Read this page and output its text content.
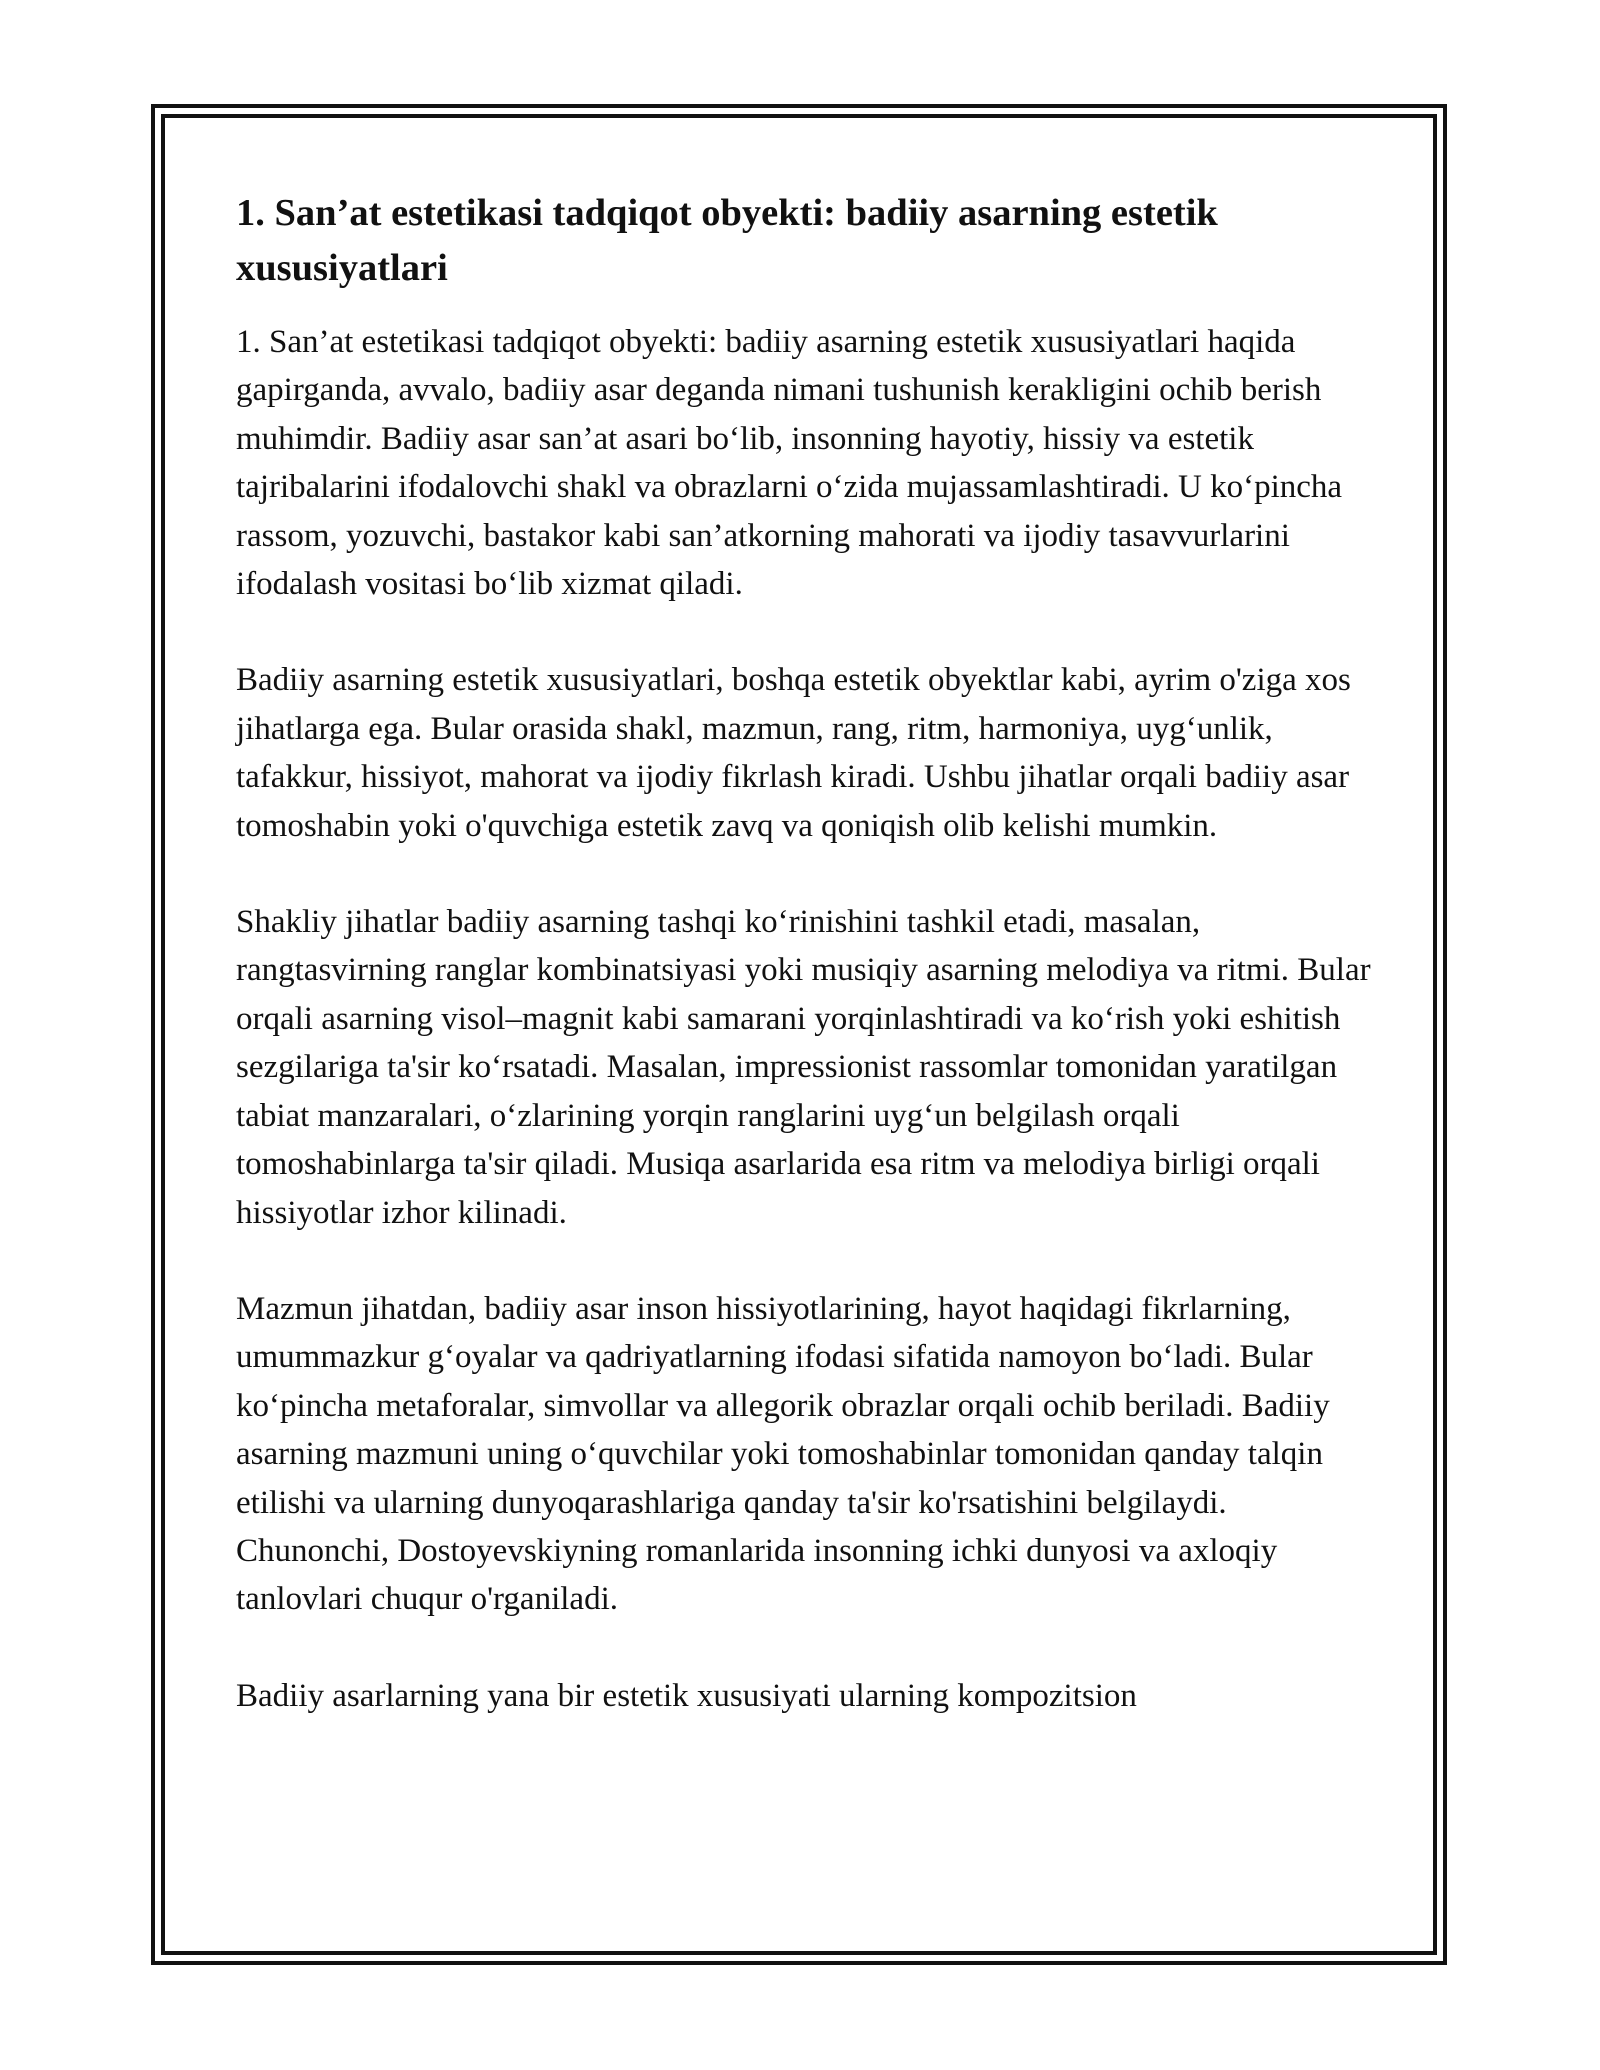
1. San’at estetikasi tadqiqot obyekti: badiiy asarning estetik xususiyatlari

1. San’at estetikasi tadqiqot obyekti: badiiy asarning estetik xususiyatlari haqida gapirganda, avvalo, badiiy asar deganda nimani tushunish kerakligini ochib berish muhimdir. Badiiy asar san’at asari bo‘lib, insonning hayotiy, hissiy va estetik tajribalarini ifodalovchi shakl va obrazlarni o‘zida mujassamlashtiradi. U ko‘pincha rassom, yozuvchi, bastakor kabi san’atkorning mahorati va ijodiy tasavvurlarini ifodalash vositasi bo‘lib xizmat qiladi.

Badiiy asarning estetik xususiyatlari, boshqa estetik obyektlar kabi, ayrim o'ziga xos jihatlarga ega. Bular orasida shakl, mazmun, rang, ritm, harmoniya, uyg‘unlik, tafakkur, hissiyot, mahorat va ijodiy fikrlash kiradi. Ushbu jihatlar orqali badiiy asar tomoshabin yoki o'quvchiga estetik zavq va qoniqish olib kelishi mumkin.

Shakliy jihatlar badiiy asarning tashqi ko‘rinishini tashkil etadi, masalan, rangtasvirning ranglar kombinatsiyasi yoki musiqiy asarning melodiya va ritmi. Bular orqali asarning visol–magnit kabi samarani yorqinlashtiradi va ko‘rish yoki eshitish sezgilariga ta'sir ko‘rsatadi. Masalan, impressionist rassomlar tomonidan yaratilgan tabiat manzaralari, o‘zlarining yorqin ranglarini uyg‘un belgilash orqali tomoshabinlarga ta'sir qiladi. Musiqa asarlarida esa ritm va melodiya birligi orqali hissiyotlar izhor kilinadi.

Mazmun jihatdan, badiiy asar inson hissiyotlarining, hayot haqidagi fikrlarning, umummazkur g‘oyalar va qadriyatlarning ifodasi sifatida namoyon bo‘ladi. Bular ko‘pincha metaforalar, simvollar va allegorik obrazlar orqali ochib beriladi. Badiiy asarning mazmuni uning o‘quvchilar yoki tomoshabinlar tomonidan qanday talqin etilishi va ularning dunyoqarashlariga qanday ta'sir ko'rsatishini belgilaydi. Chunonchi, Dostoyevskiyning romanlarida insonning ichki dunyosi va axloqiy tanlovlari chuqur o'rganiladi.

Badiiy asarlarning yana bir estetik xususiyati ularning kompozitsion
